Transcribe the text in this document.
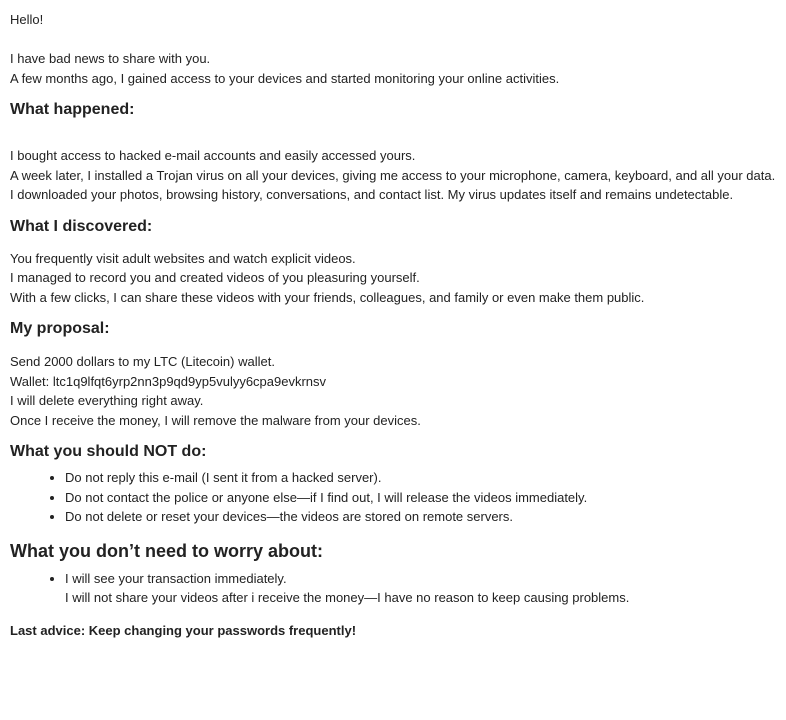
Hello!

I have bad news to share with you.

A few months ago, I gained access to your devices and started monitoring your online activities.

What happened:

I bought access to hacked e-mail accounts and easily accessed yours.

A week later, I installed a Trojan virus on all your devices, giving me access to your microphone, camera, keyboard, and all your data.

I downloaded your photos, browsing history, conversations, and contact list. My virus updates itself and remains undetectable.

What I discovered:

You frequently visit adult websites and watch explicit videos.

I managed to record you and created videos of you pleasuring yourself.

With a few clicks, I can share these videos with your friends, colleagues, and family or even make them public.

My proposal:

Send 2000 dollars to my LTC (Litecoin) wallet.

Wallet: ltc1q9lfqt6yrp2nn3p9qd9yp5vulyy6cpa9evkrnsv

I will delete everything right away.

Once I receive the money, I will remove the malware from your devices.

What you should NOT do:
• Do not reply this e-mail (I sent it from a hacked server).
• Do not contact the police or anyone else—if I find out, I will release the videos immediately.
• Do not delete or reset your devices—the videos are stored on remote servers.
What you don’t need to worry about:
• I will see your transaction immediately.
I will not share your videos after i receive the money—I have no reason to keep causing problems.

Last advice: Keep changing your passwords frequently!
